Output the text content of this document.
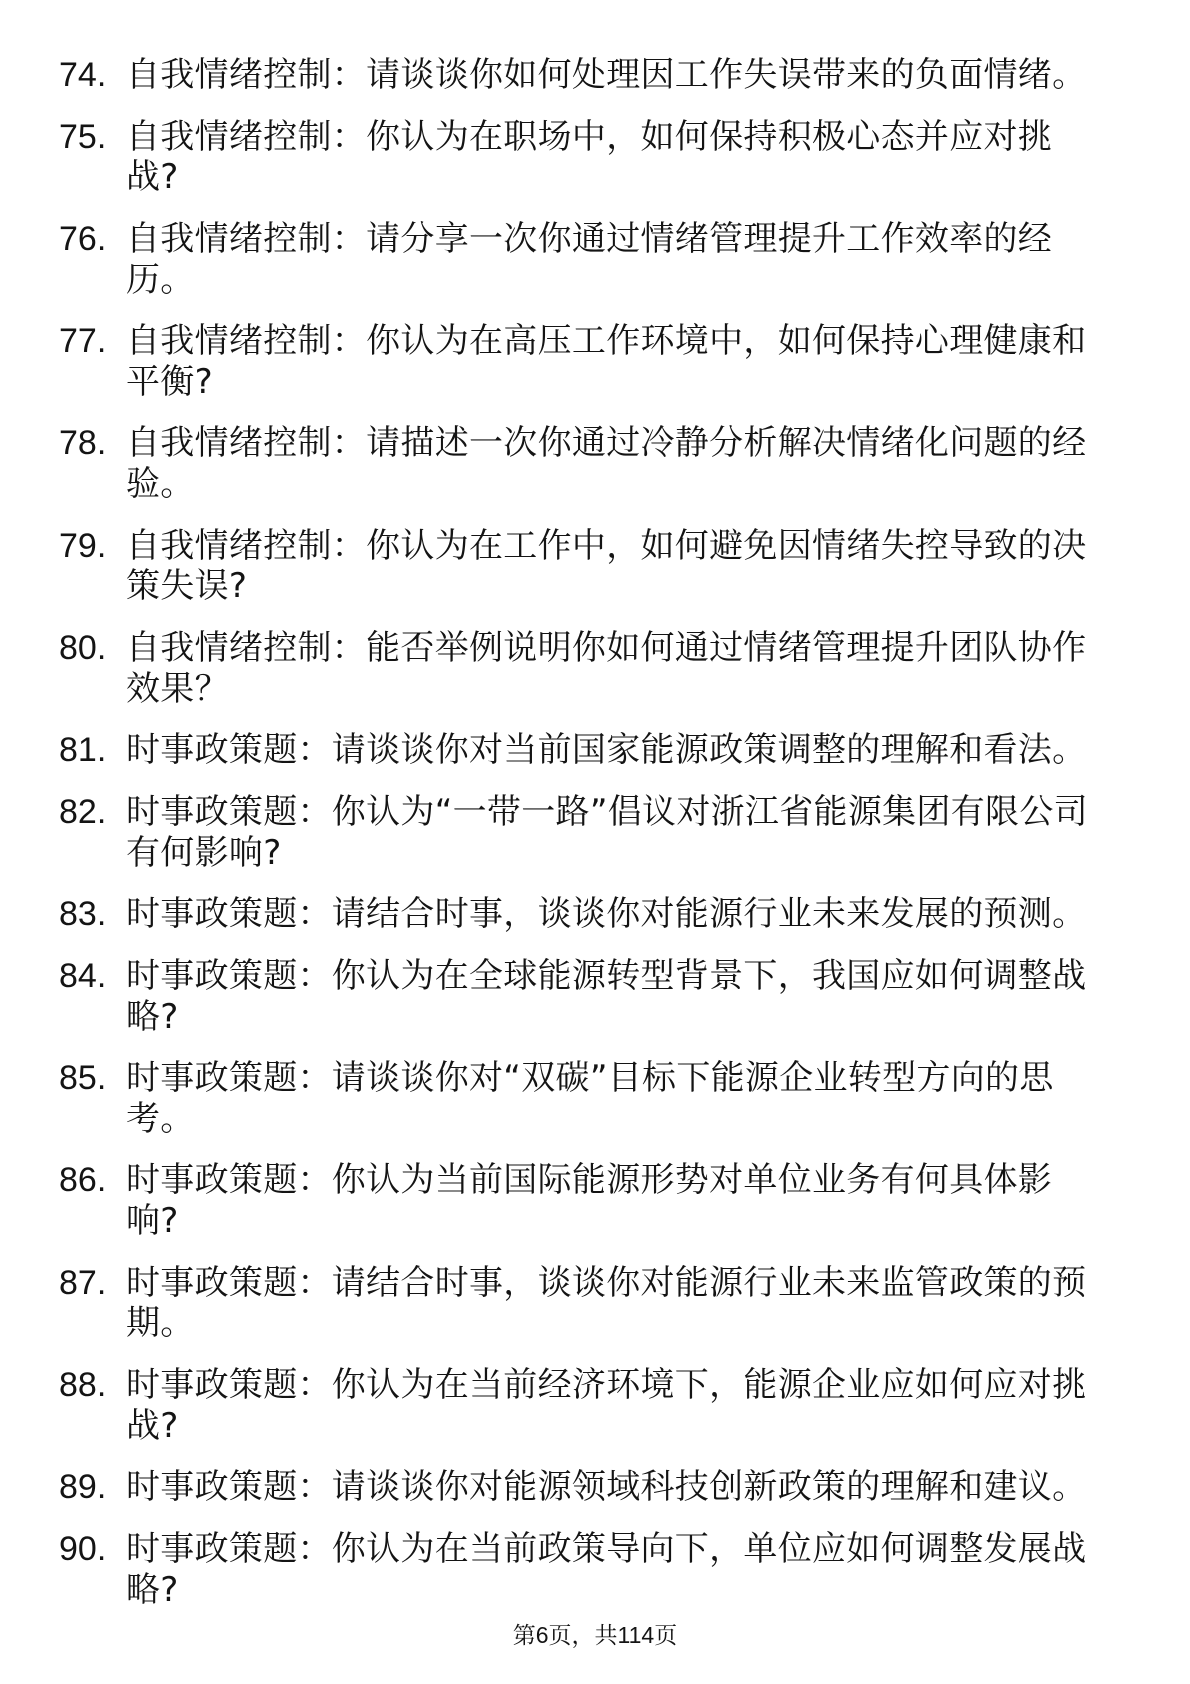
74. 自我情绪控制：请谈谈你如何处理因工作失误带来的负面情绪。
75. 自我情绪控制：你认为在职场中，如何保持积极心态并应对挑
战?
76. 自我情绪控制：请分享一次你通过情绪管理提升工作效率的经
历。
77. 自我情绪控制：你认为在高压工作环境中，如何保持心理健康和
平衡?
78. 自我情绪控制：请描述一次你通过冷静分析解决情绪化问题的经
验。
79. 自我情绪控制：你认为在工作中，如何避免因情绪失控导致的决
策失误?
80. 自我情绪控制：能否举例说明你如何通过情绪管理提升团队协作
效果？
81. 时事政策题：请谈谈你对当前国家能源政策调整的理解和看法。
82. 时事政策题：你认为“一带一路”倡议对浙江省能源集团有限公司
有何影响?
83. 时事政策题：请结合时事，谈谈你对能源行业未来发展的预测。
84. 时事政策题：你认为在全球能源转型背景下，我国应如何调整战
略?
85. 时事政策题：请谈谈你对“双碳”目标下能源企业转型方向的思
考。
86. 时事政策题：你认为当前国际能源形势对单位业务有何具体影
响?
87. 时事政策题：请结合时事，谈谈你对能源行业未来监管政策的预
期。
88. 时事政策题：你认为在当前经济环境下，能源企业应如何应对挑
战?
89. 时事政策题：请谈谈你对能源领域科技创新政策的理解和建议。
90. 时事政策题：你认为在当前政策导向下，单位应如何调整发展战
略?
第6页，共114页
